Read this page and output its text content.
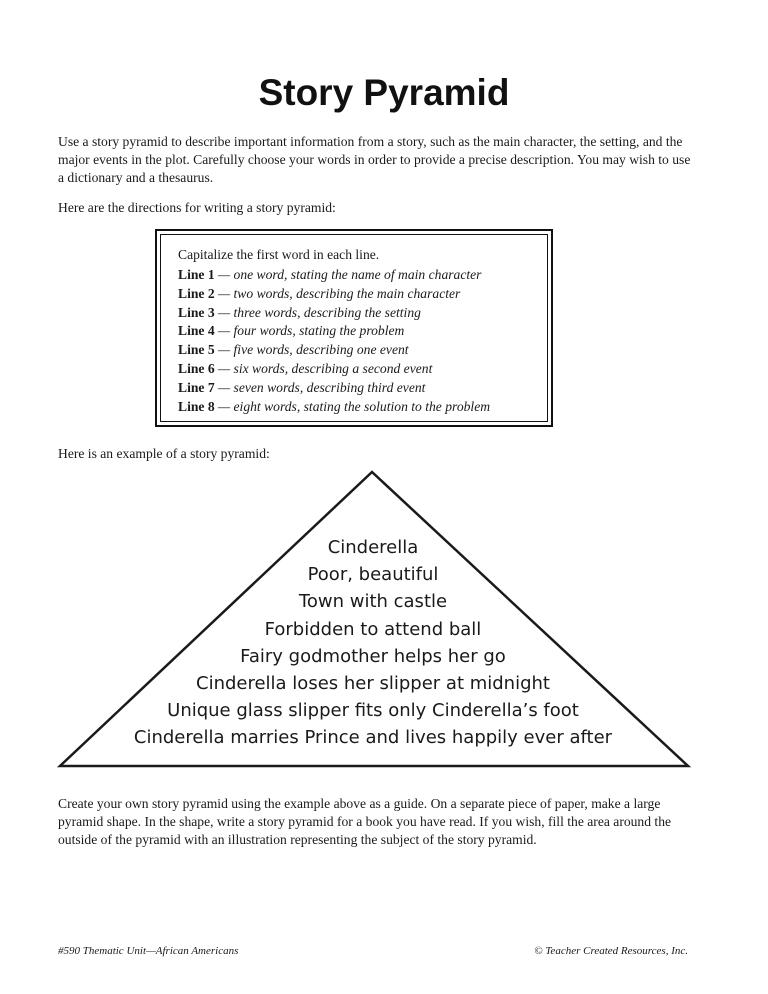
Story Pyramid

Use a story pyramid to describe important information from a story, such as the main character, the setting, and the major events in the plot. Carefully choose your words in order to provide a precise description. You may wish to use a dictionary and a thesaurus.

Here are the directions for writing a story pyramid:

Capitalize the first word in each line.
Line 1 — one word, stating the name of main character
Line 2 — two words, describing the main character
Line 3 — three words, describing the setting
Line 4 — four words, stating the problem
Line 5 — five words, describing one event
Line 6 — six words, describing a second event
Line 7 — seven words, describing third event
Line 8 — eight words, stating the solution to the problem

Here is an example of a story pyramid:

Cinderella
Poor, beautiful
Town with castle
Forbidden to attend ball
Fairy godmother helps her go
Cinderella loses her slipper at midnight
Unique glass slipper fits only Cinderella’s foot
Cinderella marries Prince and lives happily ever after

Create your own story pyramid using the example above as a guide. On a separate piece of paper, make a large pyramid shape. In the shape, write a story pyramid for a book you have read. If you wish, fill the area around the outside of the pyramid with an illustration representing the subject of the story pyramid.

#590 Thematic Unit—African Americans	© Teacher Created Resources, Inc.
